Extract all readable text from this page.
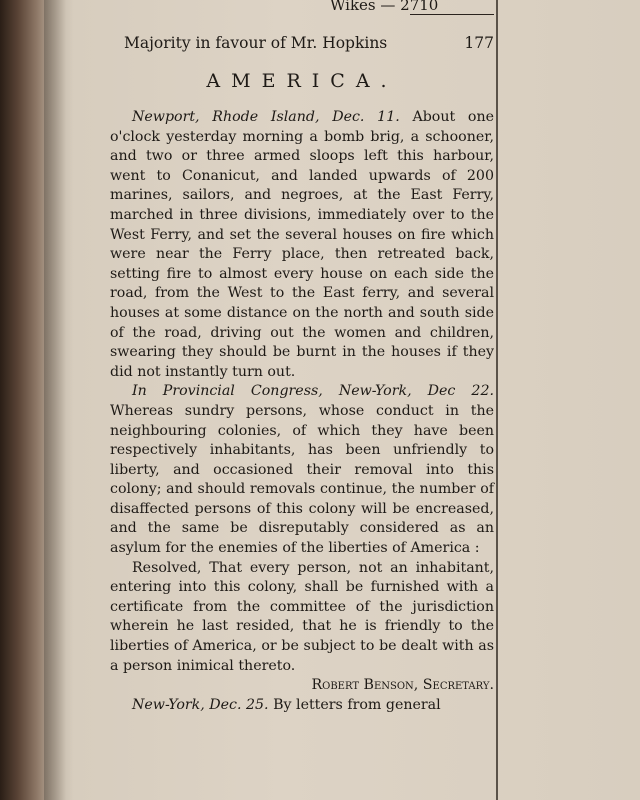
Wikes — 2710
Majority in favour of Mr. Hopkins	177
AMERICA.

Newport, Rhode Island, Dec. 11. About one o'clock yesterday morning a bomb brig, a schooner, and two or three armed sloops left this harbour, went to Conanicut, and landed upwards of 200 marines, sailors, and negroes, at the East Ferry, marched in three divisions, immediately over to the West Ferry, and set the several houses on fire which were near the Ferry place, then retreated back, setting fire to almost every house on each side the road, from the West to the East ferry, and several houses at some distance on the north and south side of the road, driving out the women and children, swearing they should be burnt in the houses if they did not instantly turn out.

In Provincial Congress, New-York, Dec 22. Whereas sundry persons, whose conduct in the neighbouring colonies, of which they have been respectively inhabitants, has been unfriendly to liberty, and occasioned their removal into this colony; and should removals continue, the number of disaffected persons of this colony will be encreased, and the same be disreputably considered as an asylum for the enemies of the liberties of America :

Resolved, That every person, not an inhabitant, entering into this colony, shall be furnished with a certificate from the committee of the jurisdiction wherein he last resided, that he is friendly to the liberties of America, or be subject to be dealt with as a person inimical thereto.

Robert Benson, Secretary.

New-York, Dec. 25. By letters from general
